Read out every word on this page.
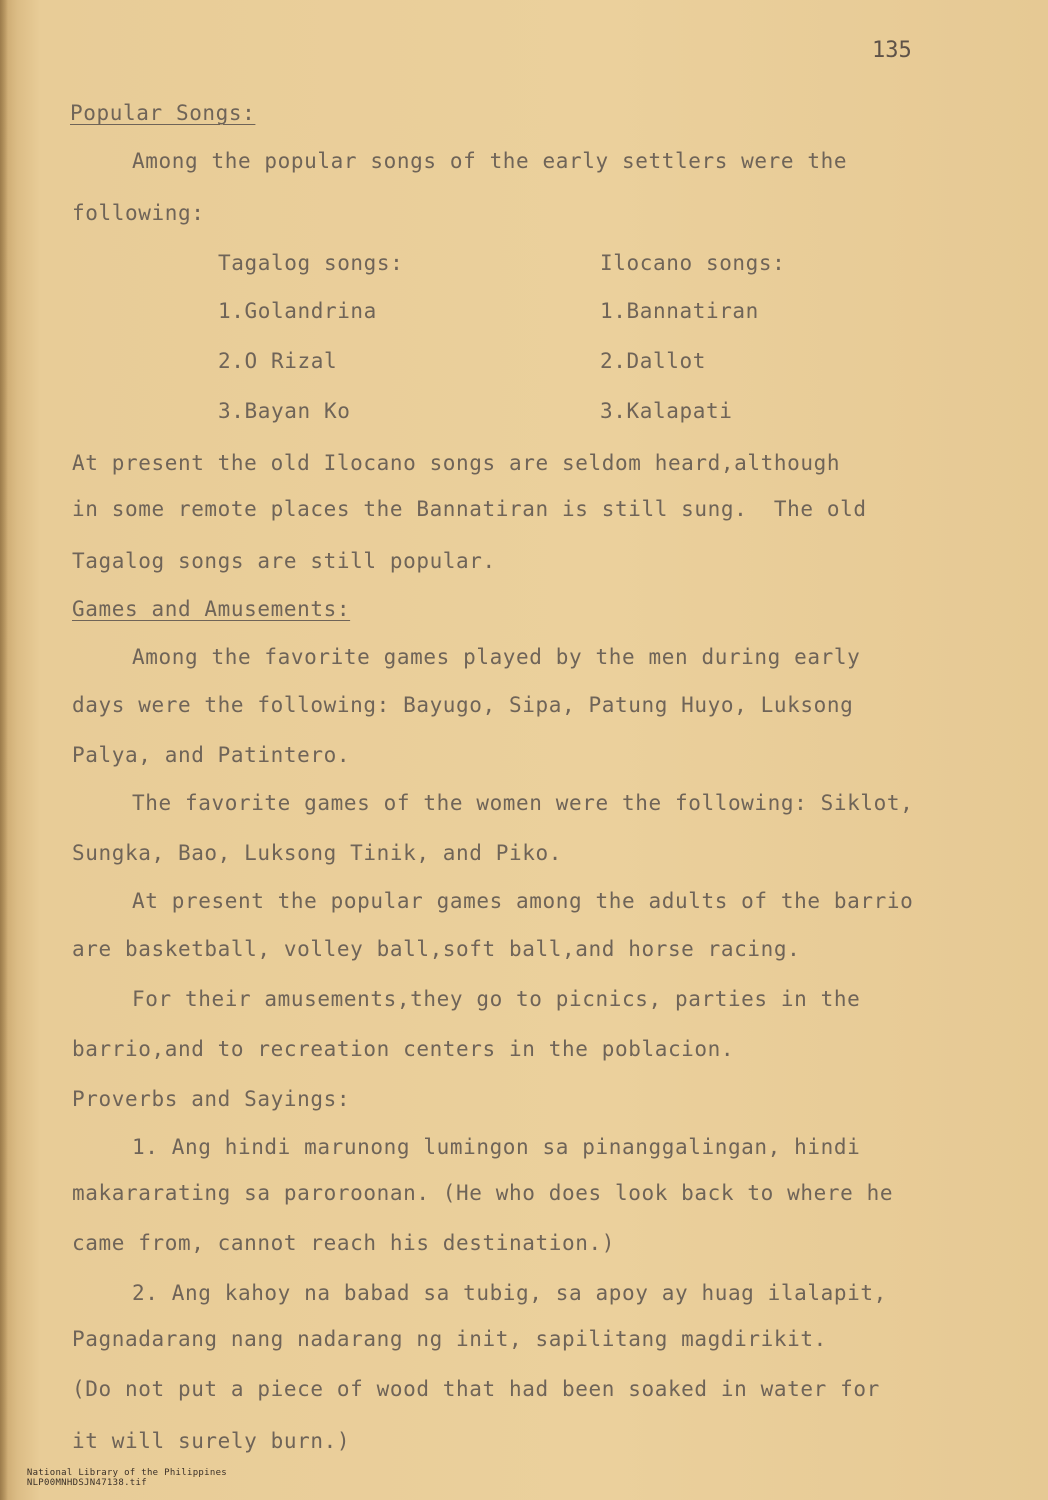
135
Popular Songs:
Among the popular songs of the early settlers were the
following:
Tagalog songs:
1.Golandrina
2.O Rizal
3.Bayan Ko
Ilocano songs:
1.Bannatiran
2.Dallot
3.Kalapati
At present the old Ilocano songs are seldom heard,although
in some remote places the Bannatiran is still sung.  The old
Tagalog songs are still popular.
Games and Amusements:
Among the favorite games played by the men during early
days were the following: Bayugo, Sipa, Patung Huyo, Luksong
Palya, and Patintero.
The favorite games of the women were the following: Siklot,
Sungka, Bao, Luksong Tinik, and Piko.
At present the popular games among the adults of the barrio
are basketball, volley ball,soft ball,and horse racing.
For their amusements,they go to picnics, parties in the
barrio,and to recreation centers in the poblacion.
Proverbs and Sayings:
1. Ang hindi marunong lumingon sa pinanggalingan, hindi
makararating sa paroroonan. (He who does look back to where he
came from, cannot reach his destination.)
2. Ang kahoy na babad sa tubig, sa apoy ay huag ilalapit,
Pagnadarang nang nadarang ng init, sapilitang magdirikit.
(Do not put a piece of wood that had been soaked in water for
it will surely burn.)

National Library of the Philippines
NLP00MNHDSJN47138.tif
